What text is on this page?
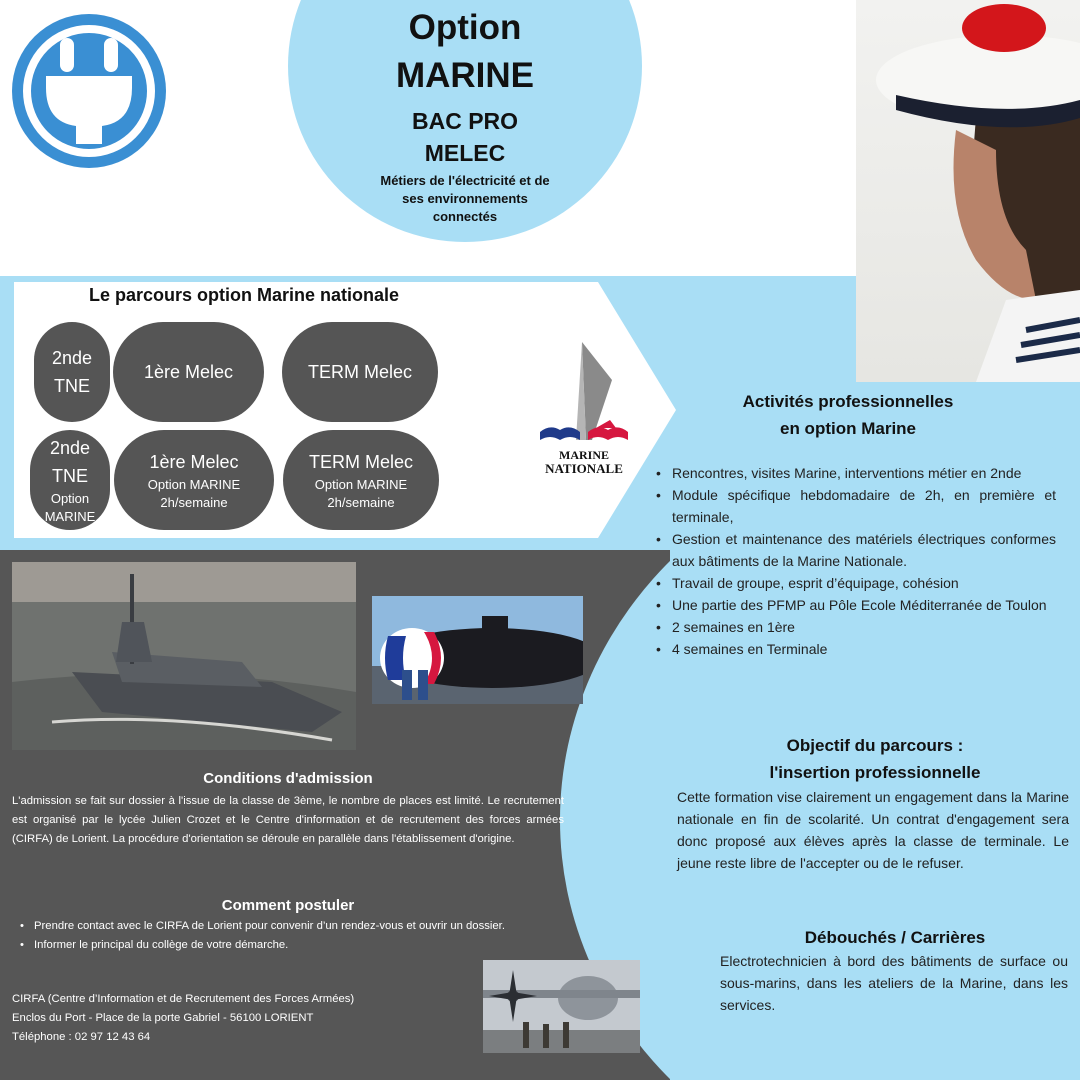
Option
MARINE
BAC PRO
MELEC
Métiers de l'électricité et de ses environnements connectés
Le parcours option Marine nationale
2nde
TNE
1ère Melec	TERM Melec
2nde
TNE
Option
MARINE
1ère Melec
Option MARINE
2h/semaine
TERM Melec
Option MARINE
2h/semaine
MARINE
NATIONALE
Activités professionnelles
en option Marine
• Rencontres, visites Marine, interventions métier en 2nde
• Module spécifique hebdomadaire de 2h, en première et terminale,
• Gestion et maintenance des matériels électriques conformes aux bâtiments de la Marine Nationale.
• Travail de groupe, esprit d’équipage, cohésion
• Une partie des PFMP au Pôle Ecole Méditerranée de Toulon
• 2 semaines en 1ère
• 4 semaines en Terminale
Objectif du parcours :
l'insertion professionnelle
Cette formation vise clairement un engagement dans la Marine nationale en fin de scolarité. Un contrat d'engagement sera donc proposé aux élèves après la classe de terminale. Le jeune reste libre de l'accepter ou de le refuser.
Débouchés / Carrières
Electrotechnicien à bord des bâtiments de surface ou sous-marins, dans les ateliers de la Marine, dans les services.
Conditions d'admission
L'admission se fait sur dossier à l'issue de la classe de 3ème, le nombre de places est limité. Le recrutement est organisé par le lycée Julien Crozet et le Centre d'information et de recrutement des forces armées (CIRFA) de Lorient. La procédure d'orientation se déroule en parallèle dans l'établissement d'origine.
Comment postuler
• Prendre contact avec le CIRFA de Lorient pour convenir d’un rendez-vous et ouvrir un dossier.
• Informer le principal du collège de votre démarche.
CIRFA (Centre d’Information et de Recrutement des Forces Armées)
Enclos du Port - Place de la porte Gabriel - 56100 LORIENT
Téléphone : 02 97 12 43 64
